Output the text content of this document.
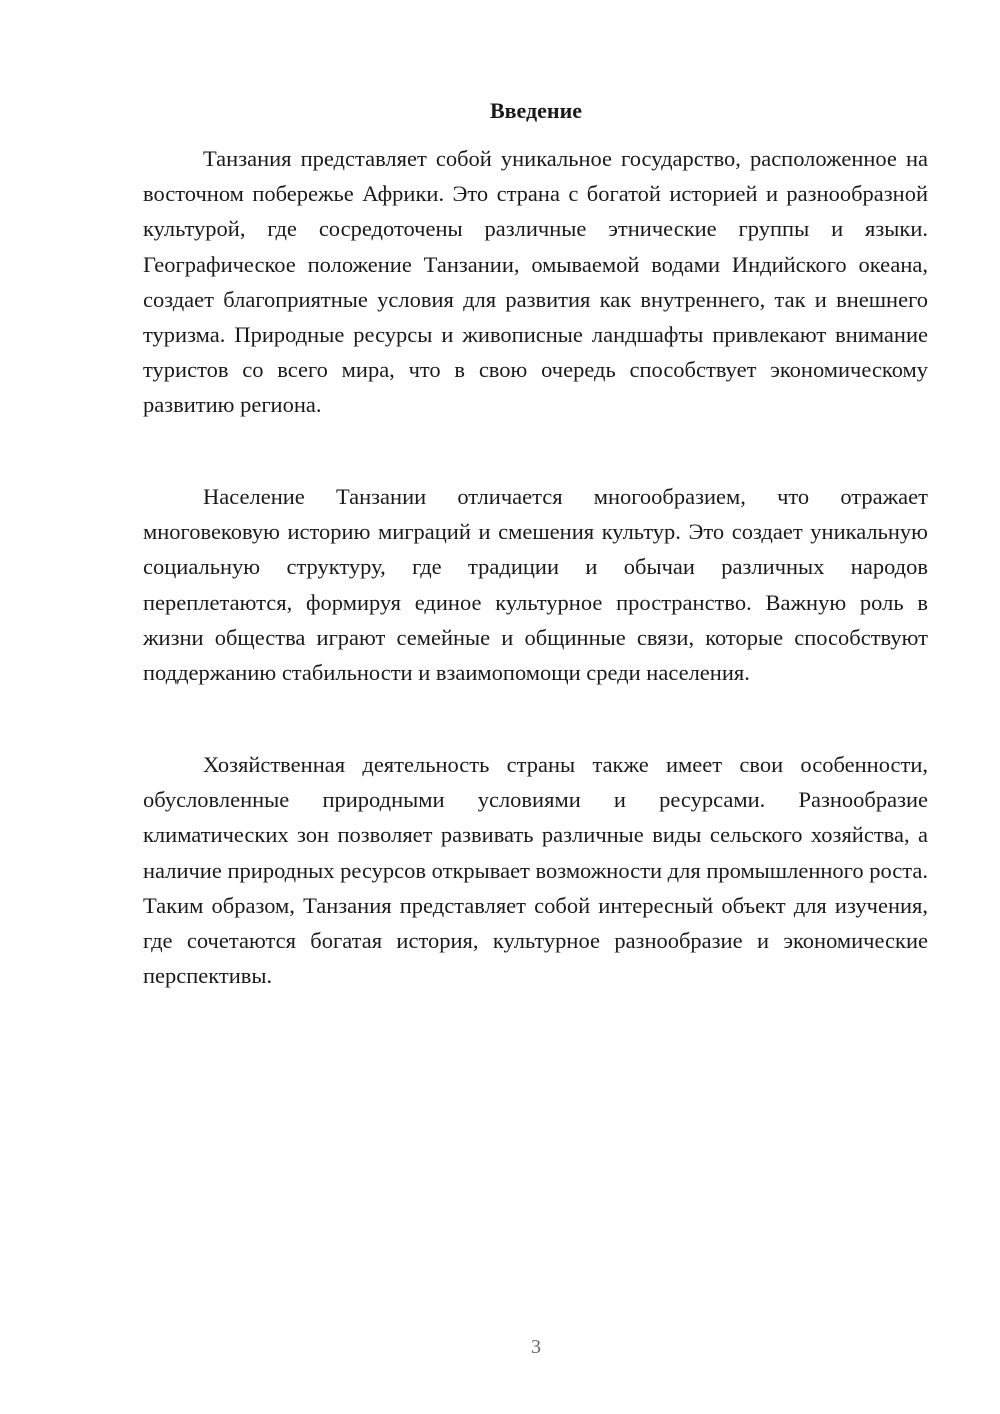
Введение

Танзания представляет собой уникальное государство, расположенное на восточном побережье Африки. Это страна с богатой историей и разнообразной культурой, где сосредоточены различные этнические группы и языки. Географическое положение Танзании, омываемой водами Индийского океана, создает благоприятные условия для развития как внутреннего, так и внешнего туризма. Природные ресурсы и живописные ландшафты привлекают внимание туристов со всего мира, что в свою очередь способствует экономическому развитию региона.

Население Танзании отличается многообразием, что отражает многовековую историю миграций и смешения культур. Это создает уникальную социальную структуру, где традиции и обычаи различных народов переплетаются, формируя единое культурное пространство. Важную роль в жизни общества играют семейные и общинные связи, которые способствуют поддержанию стабильности и взаимопомощи среди населения.

Хозяйственная деятельность страны также имеет свои особенности, обусловленные природными условиями и ресурсами. Разнообразие климатических зон позволяет развивать различные виды сельского хозяйства, а наличие природных ресурсов открывает возможности для промышленного роста. Таким образом, Танзания представляет собой интересный объект для изучения, где сочетаются богатая история, культурное разнообразие и экономические перспективы.

3
